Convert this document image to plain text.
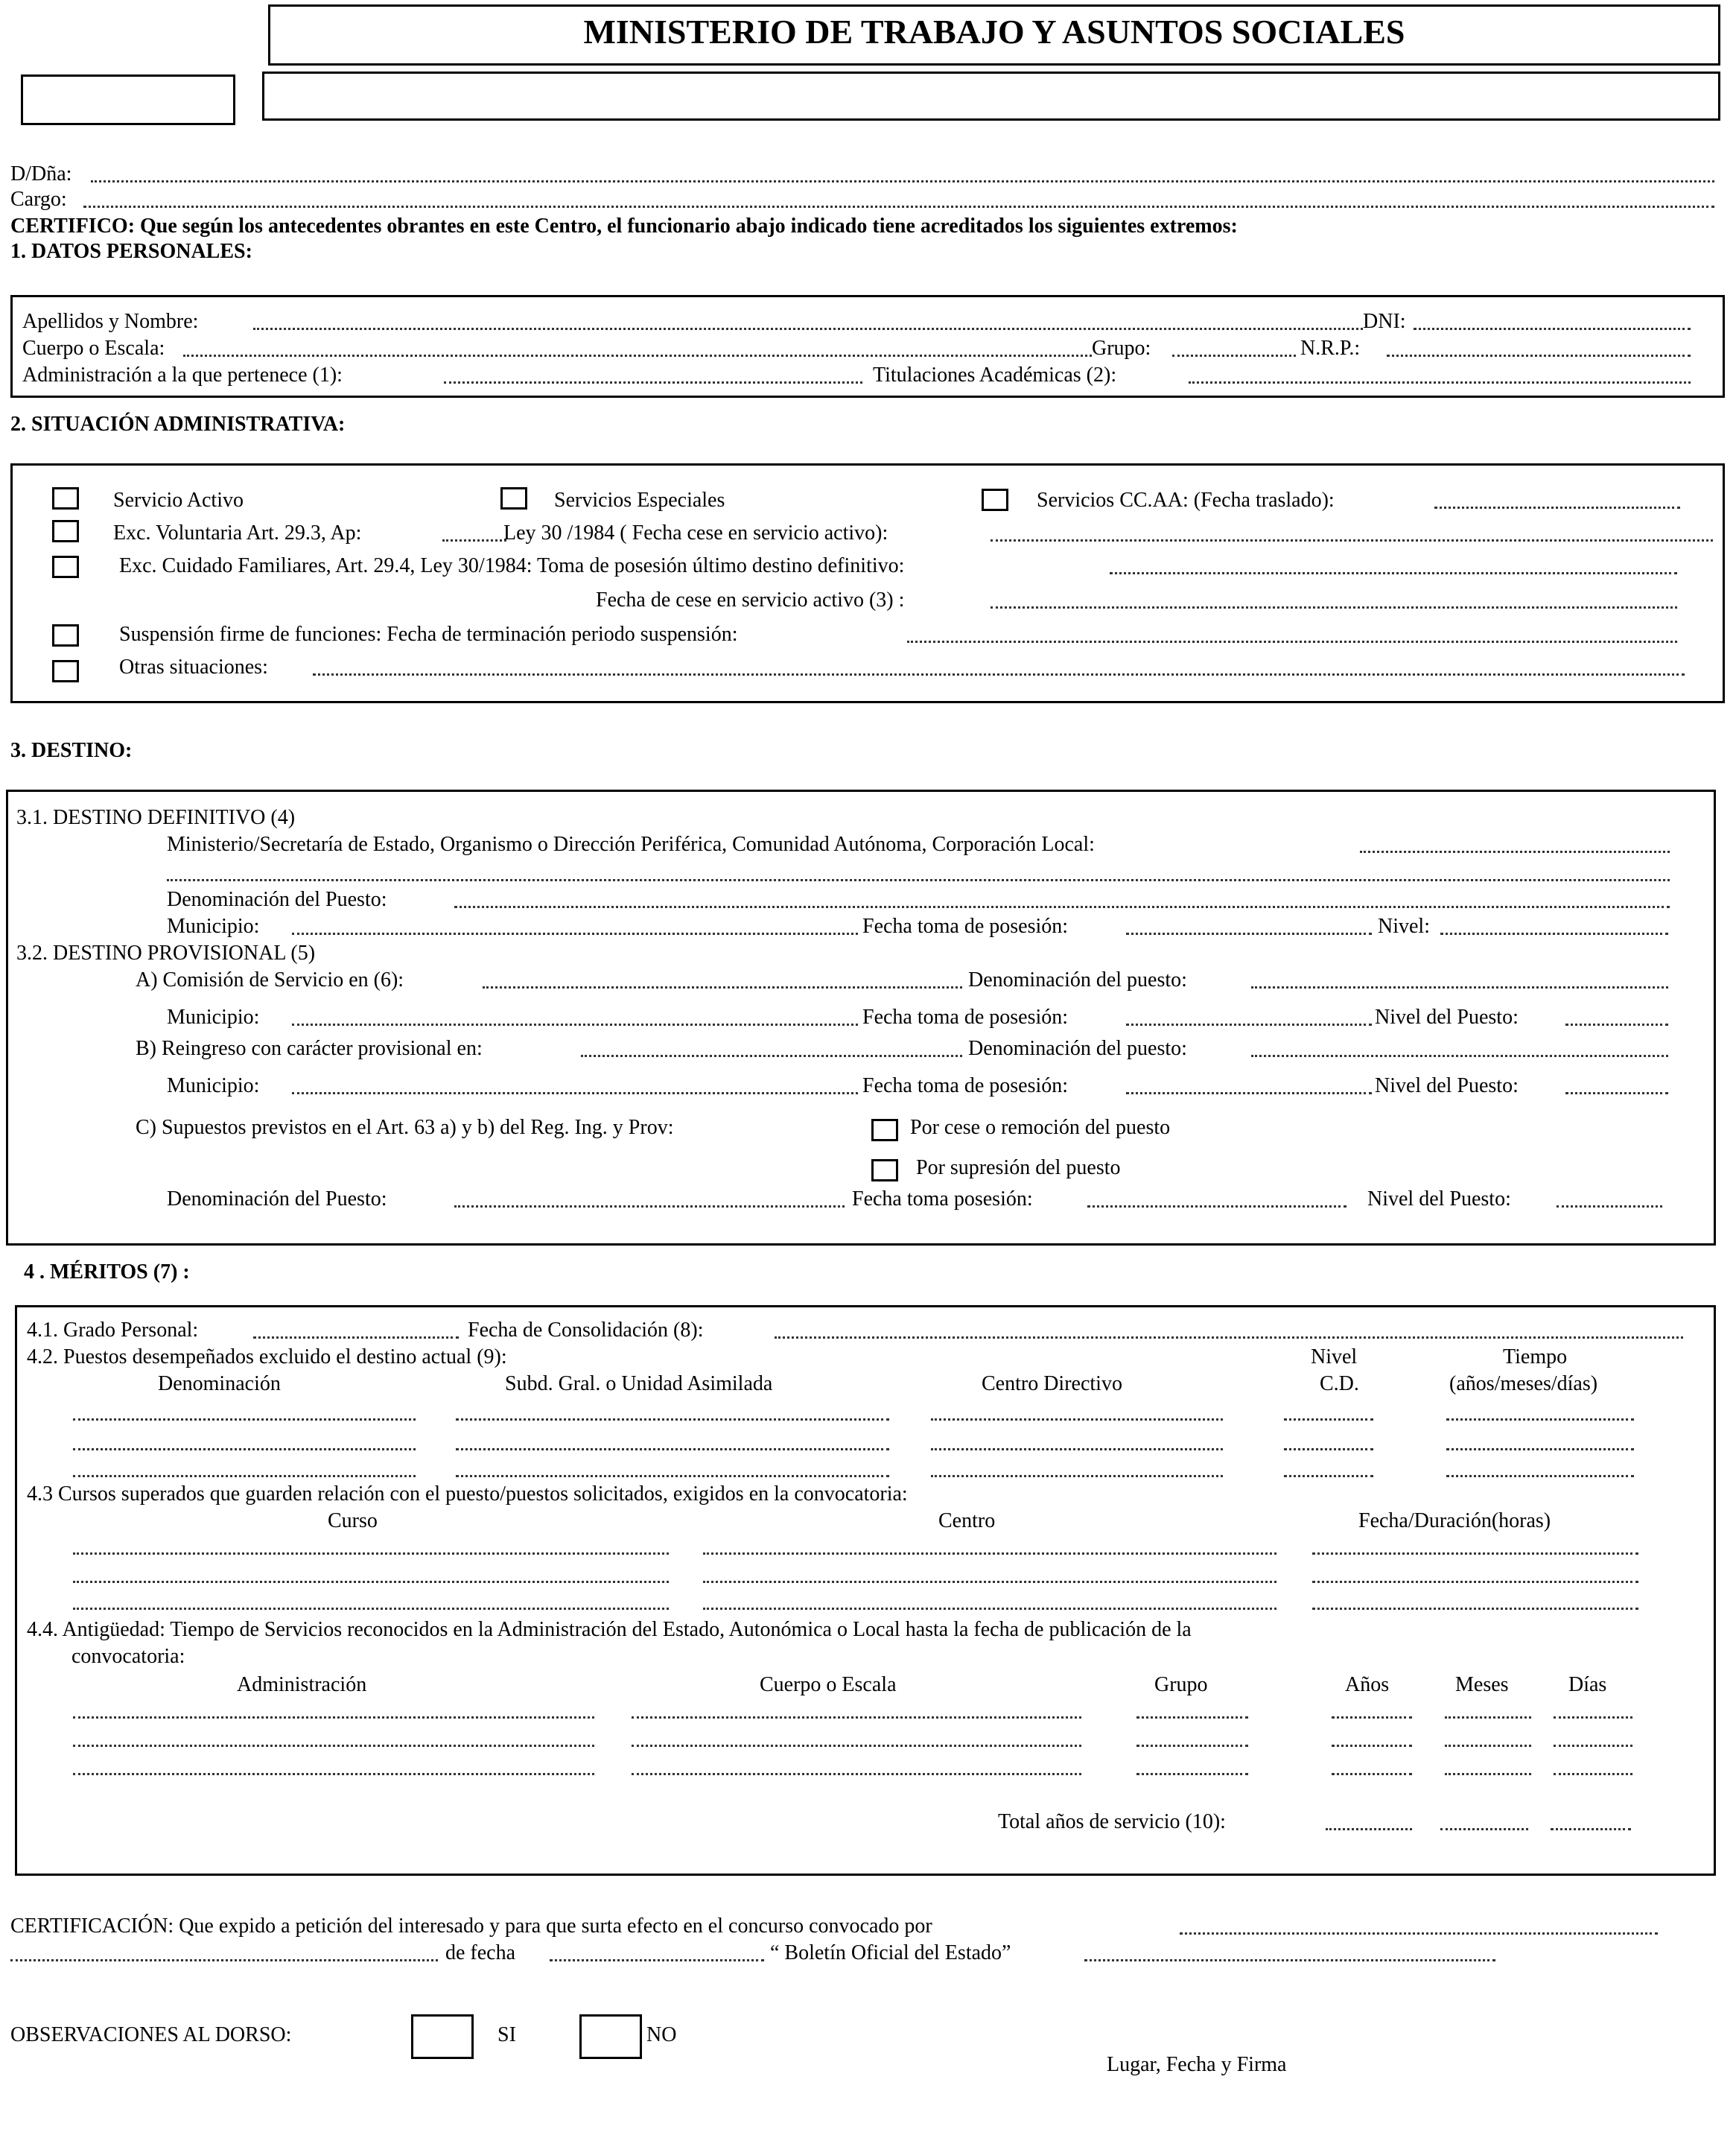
MINISTERIO DE TRABAJO Y ASUNTOS SOCIALES
D/Dña:
Cargo:
CERTIFICO: Que según los antecedentes obrantes en este Centro, el funcionario abajo indicado tiene acreditados los siguientes extremos:
1. DATOS PERSONALES:
Apellidos y Nombre:	DNI:
Cuerpo o Escala:	Grupo:	N.R.P.:
Administración a la que pertenece (1):	Titulaciones Académicas (2):
2. SITUACIÓN ADMINISTRATIVA:
Servicio Activo	Servicios Especiales	Servicios CC.AA: (Fecha traslado):
Exc. Voluntaria Art. 29.3, Ap:	Ley 30 /1984 ( Fecha cese en servicio activo):
Exc. Cuidado Familiares, Art. 29.4, Ley 30/1984: Toma de posesión último destino definitivo:
Fecha de cese en servicio activo (3) :
Suspensión firme de funciones: Fecha de terminación periodo suspensión:
Otras situaciones:
3. DESTINO:
3.1. DESTINO DEFINITIVO (4)
Ministerio/Secretaría de Estado, Organismo o Dirección Periférica, Comunidad Autónoma, Corporación Local:
Denominación del Puesto:
Municipio:	Fecha toma de posesión:	Nivel:
3.2. DESTINO PROVISIONAL (5)
A) Comisión de Servicio en (6):	Denominación del puesto:
Municipio:	Fecha toma de posesión:	Nivel del Puesto:
B) Reingreso con carácter provisional en:	Denominación del puesto:
Municipio:	Fecha toma de posesión:	Nivel del Puesto:
C) Supuestos previstos en el Art. 63 a) y b) del Reg. Ing. y Prov:	Por cese o remoción del puesto
Por supresión del puesto
Denominación del Puesto:	Fecha toma posesión:	Nivel del Puesto:
4 . MÉRITOS (7) :
4.1. Grado Personal:	Fecha de Consolidación (8):
4.2. Puestos desempeñados excluido el destino actual (9):	Nivel	Tiempo
Denominación	Subd. Gral. o Unidad Asimilada	Centro Directivo	C.D.	(años/meses/días)
4.3 Cursos superados que guarden relación con el puesto/puestos solicitados, exigidos en la convocatoria:
Curso	Centro	Fecha/Duración(horas)
4.4. Antigüedad: Tiempo de Servicios reconocidos en la Administración del Estado, Autonómica o Local hasta la fecha de publicación de la
convocatoria:
Administración	Cuerpo o Escala	Grupo	Años	Meses	Días
Total años de servicio (10):
CERTIFICACIÓN: Que expido a petición del interesado y para que surta efecto en el concurso convocado por
de fecha	“ Boletín Oficial del Estado”
OBSERVACIONES AL DORSO:	SI	NO
Lugar, Fecha y Firma
